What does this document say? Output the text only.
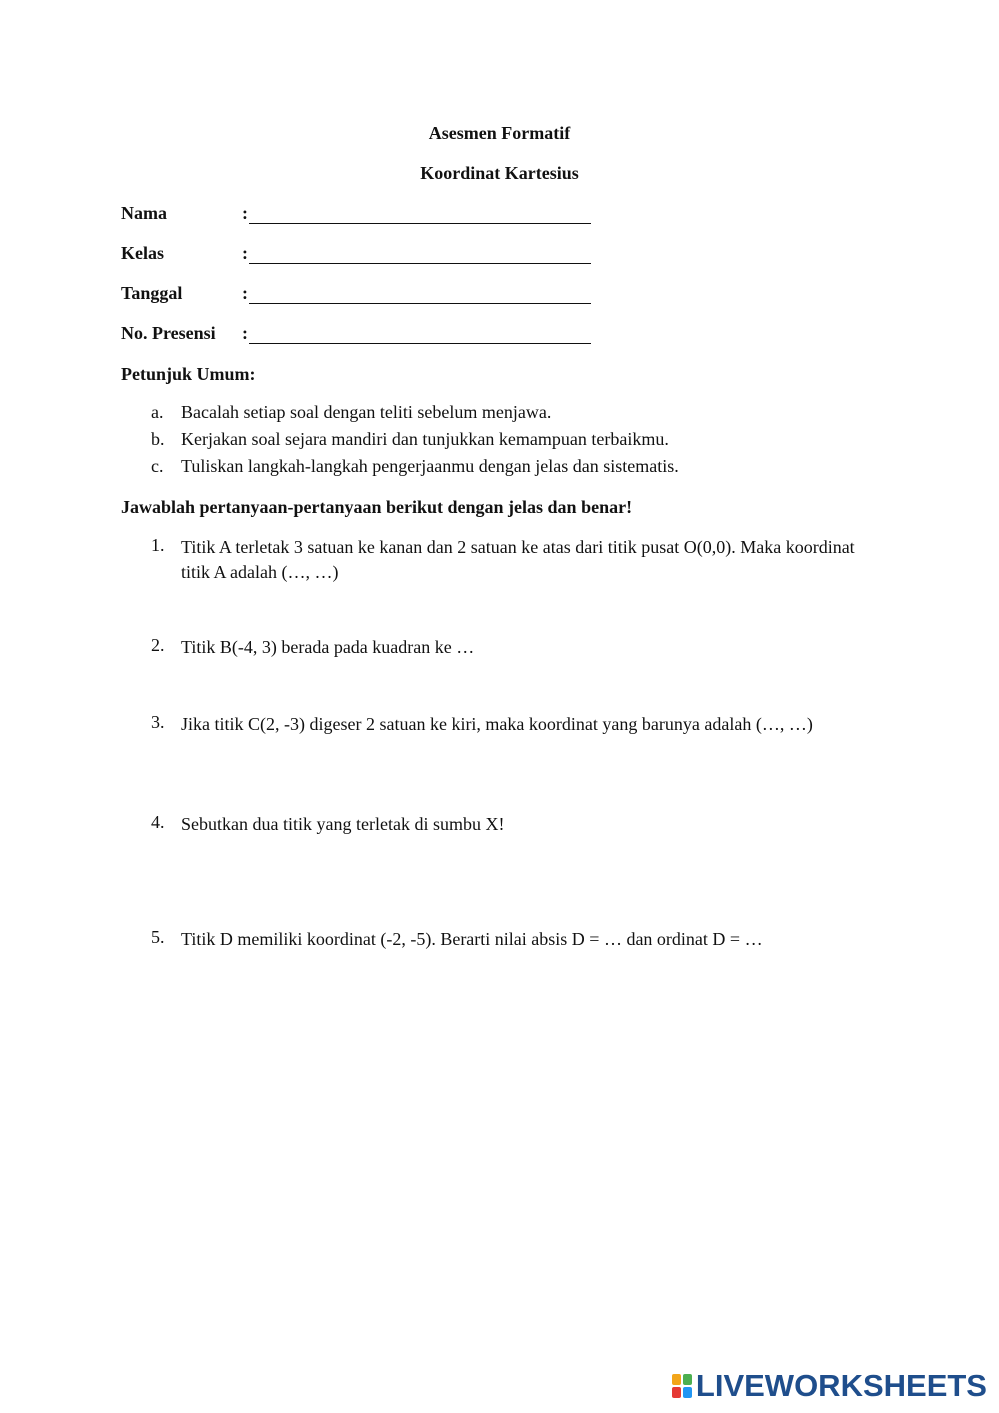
Asesmen Formatif
Koordinat Kartesius
Nama	:
Kelas	:
Tanggal	:
No. Presensi :
Petunjuk Umum:
a. Bacalah setiap soal dengan teliti sebelum menjawa.
b. Kerjakan soal sejara mandiri dan tunjukkan kemampuan terbaikmu.
c. Tuliskan langkah-langkah pengerjaanmu dengan jelas dan sistematis.
Jawablah pertanyaan-pertanyaan berikut dengan jelas dan benar!
1. Titik A terletak 3 satuan ke kanan dan 2 satuan ke atas dari titik pusat O(0,0). Maka koordinat titik A adalah (…, …)
2. Titik B(-4, 3) berada pada kuadran ke …
3. Jika titik C(2, -3) digeser 2 satuan ke kiri, maka koordinat yang barunya adalah (…, …)
4. Sebutkan dua titik yang terletak di sumbu X!
5. Titik D memiliki koordinat (-2, -5). Berarti nilai absis D = … dan ordinat D = …
LIVEWORKSHEETS
